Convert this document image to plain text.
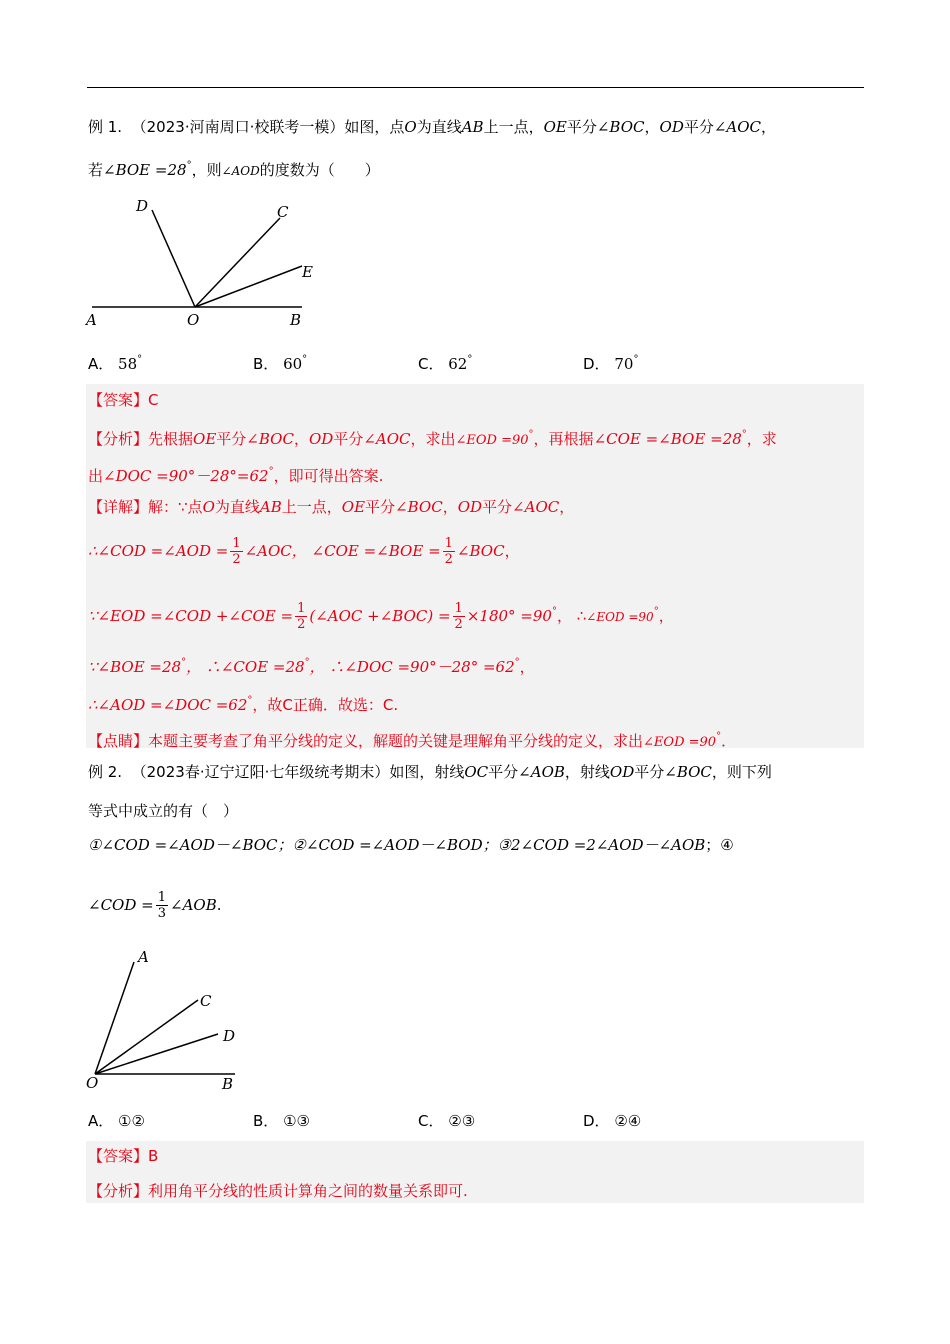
例 1. （2023·河南周口·校联考一模）如图，点O为直线AB上一点，OE平分∠BOC，OD平分∠AOC，
若∠BOE =28°，则∠AOD的度数为（　　）
D	C
E
A	O	B
A． 58°	B． 60°	C． 62°	D． 70°
【答案】C
【分析】先根据OE平分∠BOC，OD平分∠AOC，求出∠EOD =90°，再根据∠COE =∠BOE =28°，求
出∠DOC =90°－28°=62°，即可得出答案.
【详解】解：∵点O为直线AB上一点，OE平分∠BOC，OD平分∠AOC，
∴∠COD =∠AOD = $\frac{1}{2}$ ∠AOC， ∠COE =∠BOE = $\frac{1}{2}$ ∠BOC，
∵∠EOD =∠COD +∠COE = $\frac{1}{2}$ (∠AOC +∠BOC) = $\frac{1}{2} \times 180^\circ =90^\circ$， ∴∠EOD =90°，
∵∠BOE =28°， ∴∠COE =28°， ∴∠DOC =90°－28° =62°，
∴∠AOD =∠DOC =62°，故C正确．故选：C.
【点睛】本题主要考查了角平分线的定义，解题的关键是理解角平分线的定义，求出∠EOD =90°．
例 2. （2023春·辽宁辽阳·七年级统考期末）如图，射线OC平分∠AOB，射线OD平分∠BOC，则下列
等式中成立的有（　）
①∠COD =∠AOD－∠BOC；②∠COD =∠AOD－∠BOD；③2∠COD =2∠AOD－∠AOB；④
∠COD = $\frac{1}{3}$ ∠AOB.
A
C
D
O	B
A． ①②	B． ①③	C． ②③	D． ②④
【答案】B
【分析】利用角平分线的性质计算角之间的数量关系即可.
